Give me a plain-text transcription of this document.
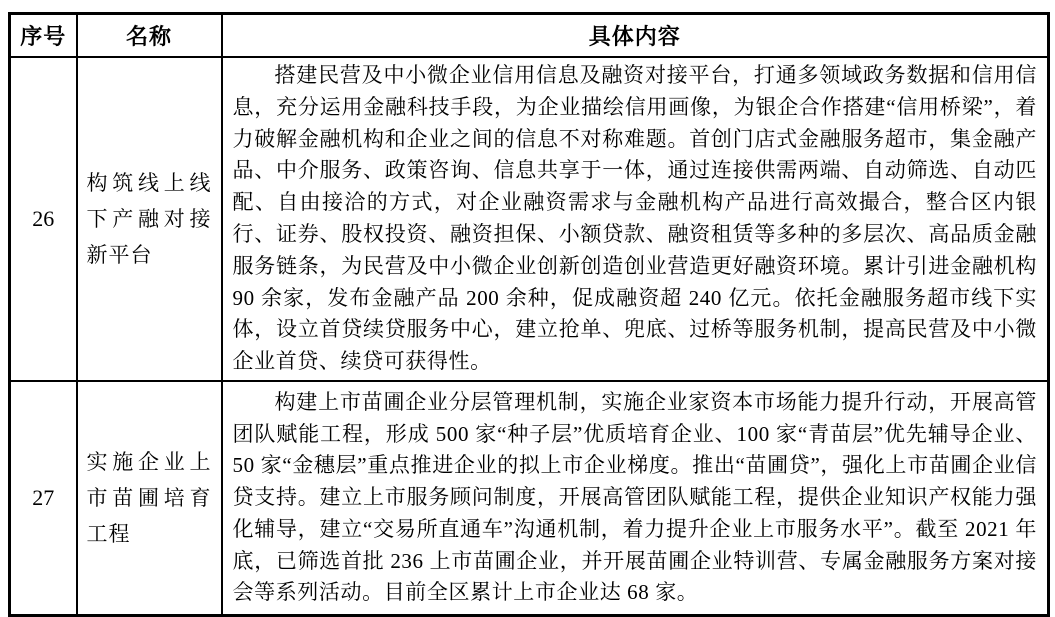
序号	名称	具体内容
26	构筑线上线下产融对接新平台	搭建民营及中小微企业信用信息及融资对接平台，打通多领域政务数据和信用信息，充分运用金融科技手段，为企业描绘信用画像，为银企合作搭建“信用桥梁”，着力破解金融机构和企业之间的信息不对称难题。首创门店式金融服务超市，集金融产品、中介服务、政策咨询、信息共享于一体，通过连接供需两端、自动筛选、自动匹配、自由接洽的方式，对企业融资需求与金融机构产品进行高效撮合，整合区内银行、证券、股权投资、融资担保、小额贷款、融资租赁等多种的多层次、高品质金融服务链条，为民营及中小微企业创新创造创业营造更好融资环境。累计引进金融机构 90 余家，发布金融产品 200 余种，促成融资超 240 亿元。依托金融服务超市线下实体，设立首贷续贷服务中心，建立抢单、兜底、过桥等服务机制，提高民营及中小微企业首贷、续贷可获得性。

27	实施企业上市苗圃培育工程	构建上市苗圃企业分层管理机制，实施企业家资本市场能力提升行动，开展高管团队赋能工程，形成 500 家“种子层”优质培育企业、100 家“青苗层”优先辅导企业、50 家“金穗层”重点推进企业的拟上市企业梯度。推出“苗圃贷”，强化上市苗圃企业信贷支持。建立上市服务顾问制度，开展高管团队赋能工程，提供企业知识产权能力强化辅导，建立“交易所直通车”沟通机制，着力提升企业上市服务水平”。截至 2021 年底，已筛选首批 236 上市苗圃企业，并开展苗圃企业特训营、专属金融服务方案对接会等系列活动。目前全区累计上市企业达 68 家。
